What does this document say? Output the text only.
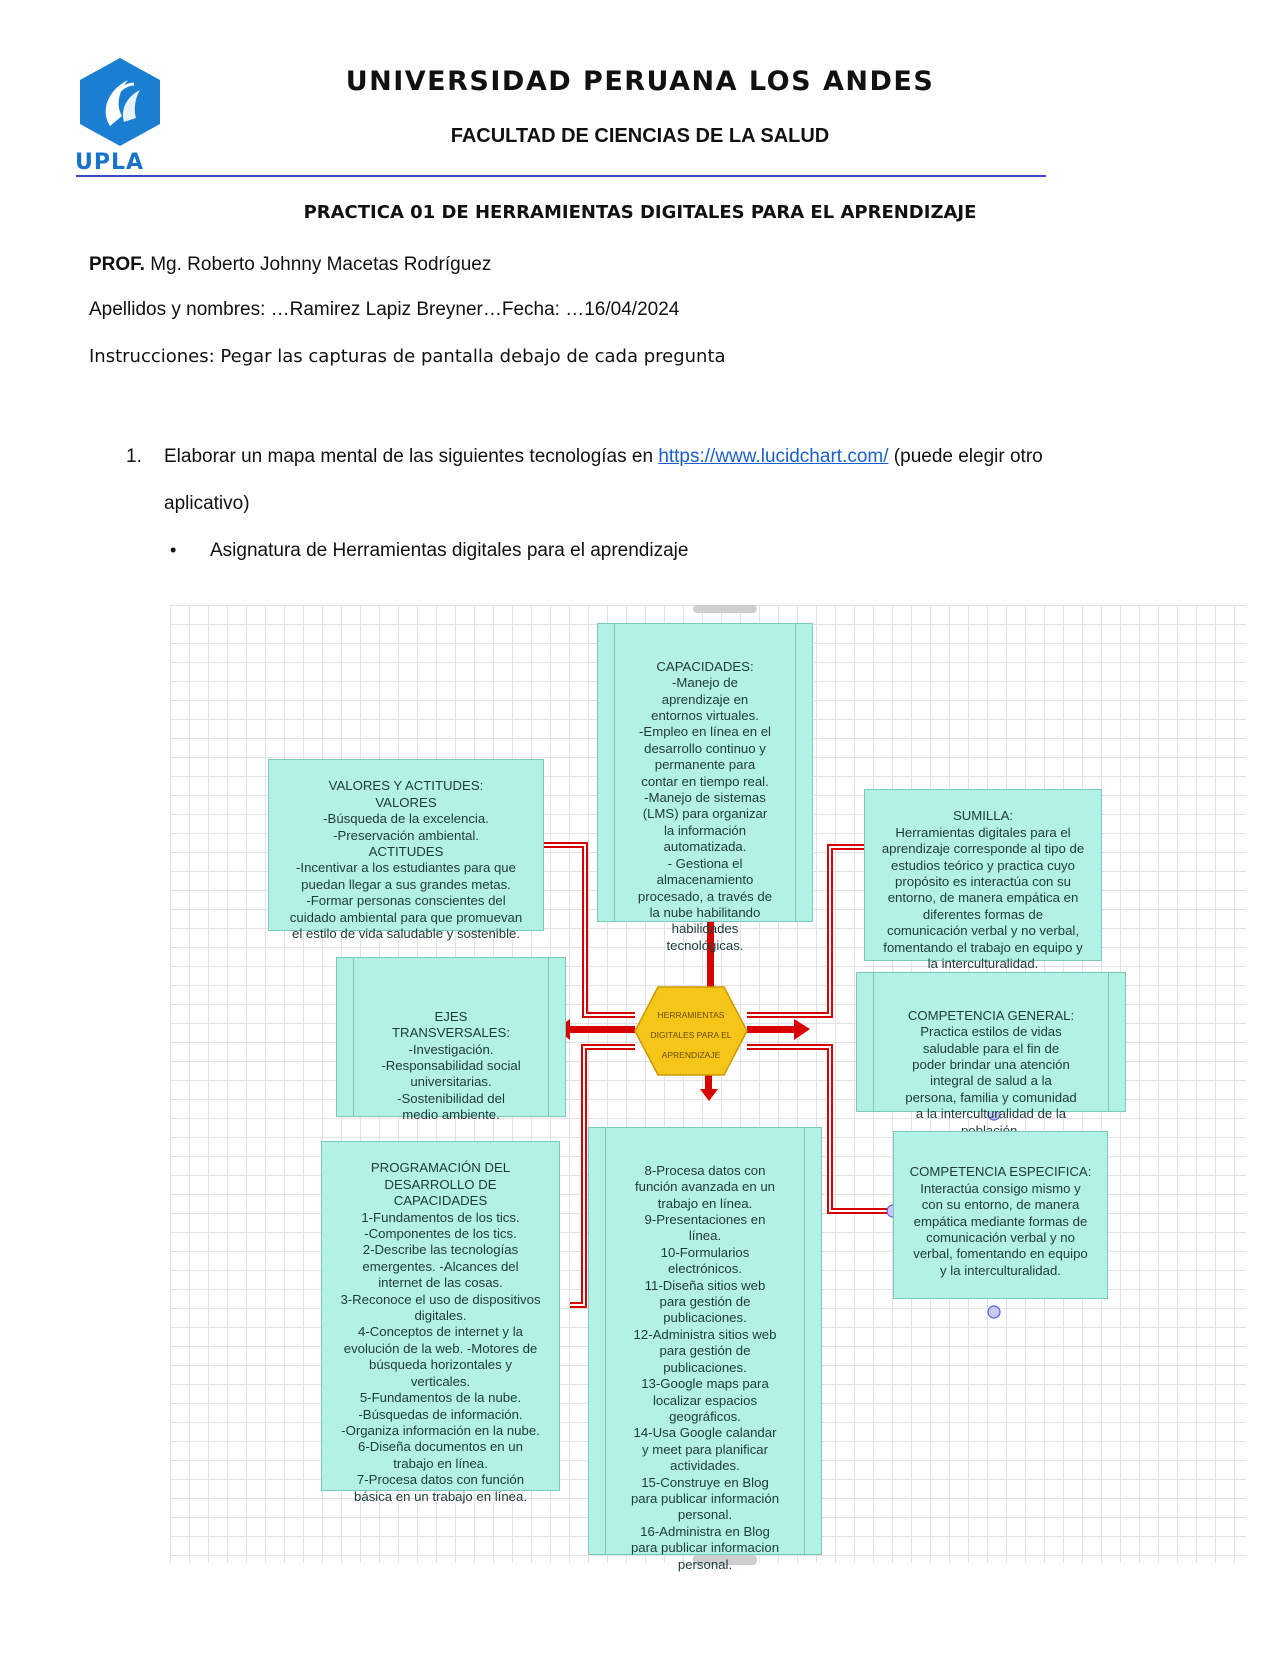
UPLA
UNIVERSIDAD PERUANA LOS ANDES
FACULTAD DE CIENCIAS DE LA SALUD
PRACTICA 01 DE HERRAMIENTAS DIGITALES PARA EL APRENDIZAJE
PROF. Mg. Roberto Johnny Macetas Rodríguez
Apellidos y nombres: …Ramirez Lapiz Breyner…Fecha: …16/04/2024
Instrucciones: Pegar las capturas de pantalla debajo de cada pregunta
1. Elaborar un mapa mental de las siguientes tecnologías en https://www.lucidchart.com/ (puede elegir otro
aplicativo)
• Asignatura de Herramientas digitales para el aprendizaje
HERRAMIENTAS
DIGITALES PARA EL
APRENDIZAJE

CAPACIDADES:
-Manejo de
aprendizaje en
entornos virtuales.
-Empleo en línea en el
desarrollo continuo y
permanente para
contar en tiempo real.
-Manejo de sistemas
(LMS) para organizar
la información
automatizada.
- Gestiona el
almacenamiento
procesado, a través de
la nube habilitando
habilidades
tecnológicas.

VALORES Y ACTITUDES:
VALORES
-Búsqueda de la excelencia.
-Preservación ambiental.
ACTITUDES
-Incentivar a los estudiantes para que
puedan llegar a sus grandes metas.
-Formar personas conscientes del
cuidado ambiental para que promuevan
el estilo de vida saludable y sostenible.

SUMILLA:
Herramientas digitales para el
aprendizaje corresponde al tipo de
estudios teórico y practica cuyo
propósito es interactúa con su
entorno, de manera empática en
diferentes formas de
comunicación verbal y no verbal,
fomentando el trabajo en equipo y
la interculturalidad.

EJES
TRANSVERSALES:
-Investigación.
-Responsabilidad social
universitarias.
-Sostenibilidad del
medio ambiente.

COMPETENCIA GENERAL:
Practica estilos de vidas
saludable para el fin de
poder brindar una atención
integral de salud a la
persona, familia y comunidad
a la interculturalidad de la

PROGRAMACIÓN DEL
DESARROLLO DE
CAPACIDADES
1-Fundamentos de los tics.
-Componentes de los tics.
2-Describe las tecnologías
emergentes. -Alcances del
internet de las cosas.
3-Reconoce el uso de dispositivos
digitales.
4-Conceptos de internet y la
evolución de la web. -Motores de
búsqueda horizontales y
verticales.
5-Fundamentos de la nube.
-Búsquedas de información.
-Organiza información en la nube.
6-Diseña documentos en un
trabajo en línea.
7-Procesa datos con función
básica en un trabajo en línea.

8-Procesa datos con
función avanzada en un
trabajo en línea.
9-Presentaciones en
línea.
10-Formularios
electrónicos.
11-Diseña sitios web
para gestión de
publicaciones.
12-Administra sitios web
para gestión de
publicaciones.
13-Google maps para
localizar espacios
geográficos.
14-Usa Google calandar
y meet para planificar
actividades.
15-Construye en Blog
para publicar información
personal.
16-Administra en Blog
para publicar informacion
personal.

COMPETENCIA ESPECIFICA:
Interactúa consigo mismo y
con su entorno, de manera
empática mediante formas de
comunicación verbal y no
verbal, fomentando en equipo
y la interculturalidad.
